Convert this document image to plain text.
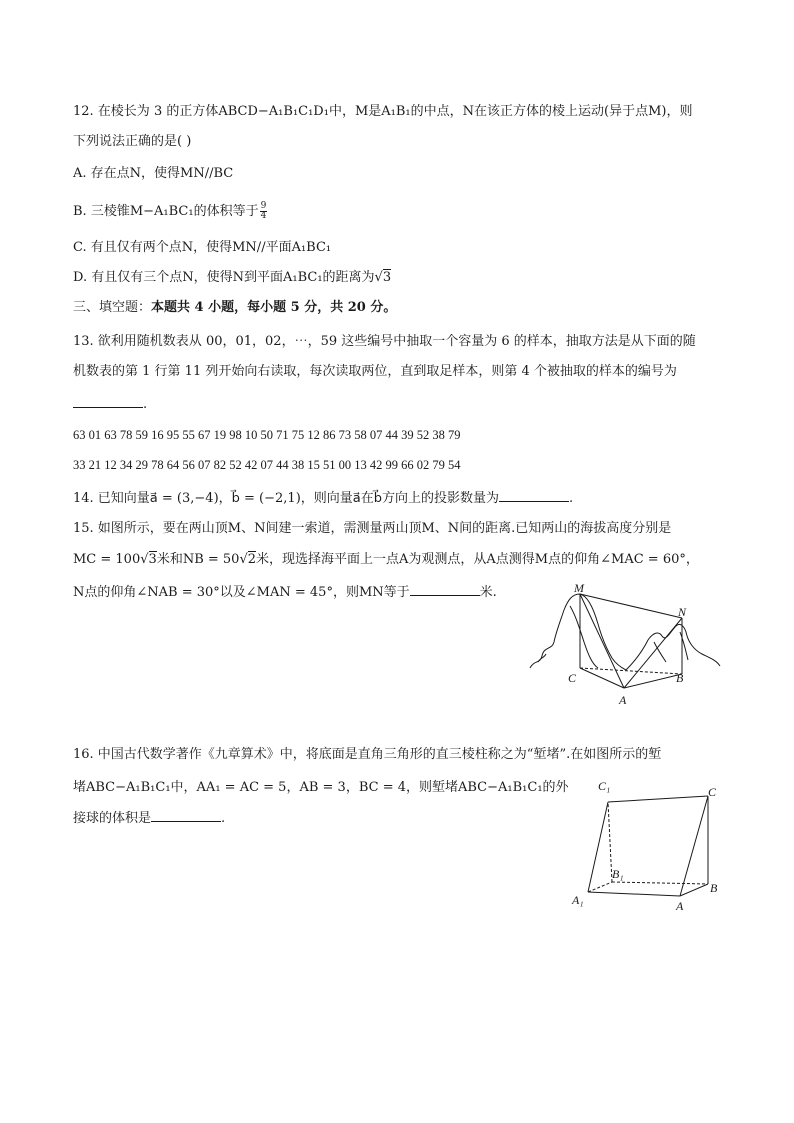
12. 在棱长为 3 的正方体ABCD−A₁B₁C₁D₁中，M是A₁B₁的中点，N在该正方体的棱上运动(异于点M)，则
下列说法正确的是( )
A. 存在点N，使得MN//BC
B. 三棱锥M−A₁BC₁的体积等于 $\frac{9}{4}$
C. 有且仅有两个点N，使得MN//平面A₁BC₁
D. 有且仅有三个点N，使得N到平面A₁BC₁的距离为√3
三、填空题：本题共 4 小题，每小题 5 分，共 20 分。
13. 欲利用随机数表从 00，01，02，⋯，59 这些编号中抽取一个容量为 6 的样本，抽取方法是从下面的随
机数表的第 1 行第 11 列开始向右读取，每次读取两位，直到取足样本，则第 4 个被抽取的样本的编号为
.
63 01 63 78 59 16 95 55 67 19 98 10 50 71 75 12 86 73 58 07 44 39 52 38 79
33 21 12 34 29 78 64 56 07 82 52 42 07 44 38 15 51 00 13 42 99 66 02 79 54
14. 已知向量a⃗ = (3,−4)，b⃗ = (−2,1)，则向量a⃗在b⃗方向上的投影数量为	.
15. 如图所示，要在两山顶M、N间建一索道，需测量两山顶M、N间的距离.已知两山的海拔高度分别是
MC = 100√3米和NB = 50√2米，现选择海平面上一点A为观测点，从A点测得M点的仰角∠MAC = 60°，
N点的仰角∠NAB = 30°以及∠MAN = 45°，则MN等于	米.	M
N
C
A
B
16. 中国古代数学著作《九章算术》中，将底面是直角三角形的直三棱柱称之为“堑堵”.在如图所示的堑
堵ABC−A₁B₁C₁中，AA₁ = AC = 5，AB = 3，BC = 4，则堑堵ABC−A₁B₁C₁的外
接球的体积是	.
C₁	C
B₁
A₁	A
B
